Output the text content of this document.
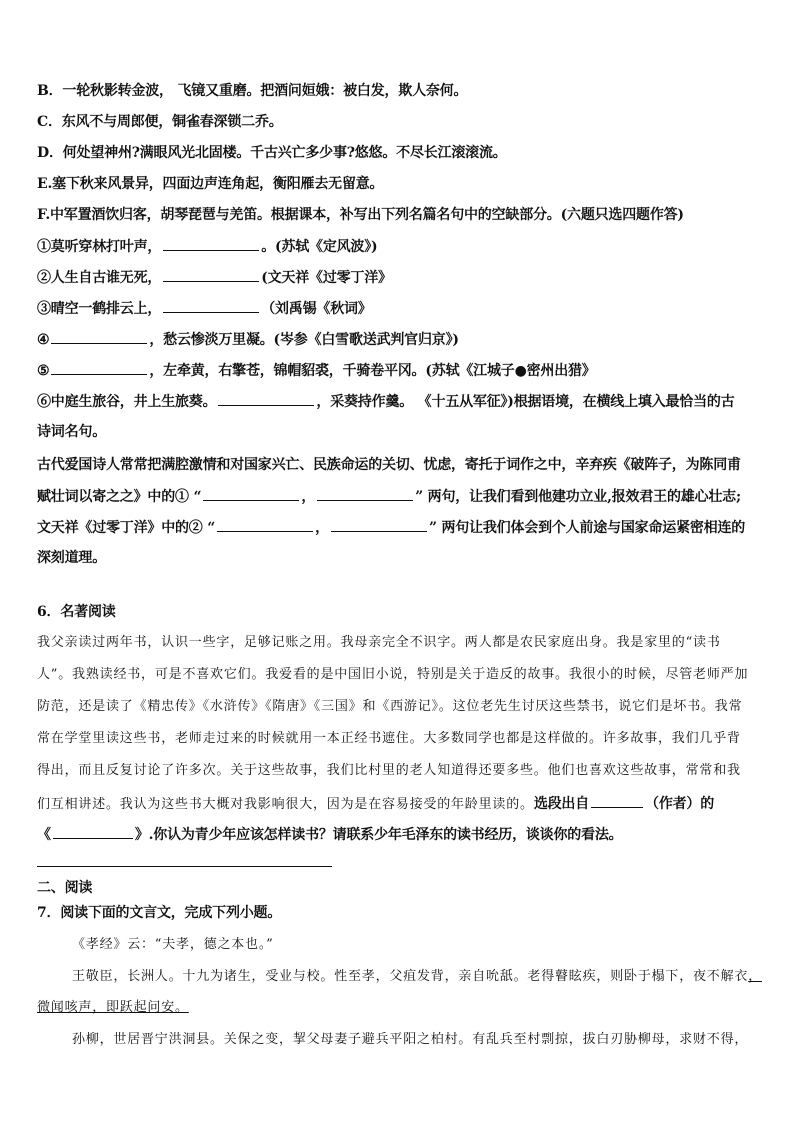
B．一轮秋影转金波， 飞镜又重磨。把酒问姮娥：被白发，欺人奈何。
C．东风不与周郎便，铜雀春深锁二乔。
D．何处望神州?满眼风光北固楼。千古兴亡多少事?悠悠。不尽长江滚滚流。
E.塞下秋来风景异，四面边声连角起，衡阳雁去无留意。
F.中军置酒饮归客，胡琴琵琶与羌笛。根据课本，补写出下列名篇名句中的空缺部分。(六题只选四题作答)
①莫听穿林打叶声，	。(苏轼《定风波》)
②人生自古谁无死，	(文天祥《过零丁洋》
③晴空一鹤排云上，	（刘禹锡《秋词》
④	，愁云惨淡万里凝。(岑参《白雪歌送武判官归京》)
⑤	，左牵黄，右擎苍，锦帽貂裘，千骑卷平冈。(苏轼《江城子●密州出猎》
⑥中庭生旅谷，井上生旅葵。	，采葵持作羹。 《十五从军征》)根据语境，在横线上填入最恰当的古
诗词名句。
古代爱国诗人常常把满腔激情和对国家兴亡、民族命运的关切、忧虑，寄托于词作之中，辛弃疾《破阵子，为陈同甫
赋壮词以寄之之》中的① “	，	” 两句，让我们看到他建功立业,报效君王的雄心壮志;
文天祥《过零丁洋》中的② “	，	” 两句让我们体会到个人前途与国家命运紧密相连的
深刻道理。
6．名著阅读
我父亲读过两年书，认识一些字，足够记账之用。我母亲完全不识字。两人都是农民家庭出身。我是家里的“读书
人”。我熟读经书，可是不喜欢它们。我爱看的是中国旧小说，特别是关于造反的故事。我很小的时候，尽管老师严加
防范，还是读了《精忠传》《水浒传》《隋唐》《三国》和《西游记》。这位老先生讨厌这些禁书，说它们是坏书。我常
常在学堂里读这些书，老师走过来的时候就用一本正经书遮住。大多数同学也都是这样做的。许多故事，我们几乎背
得出，而且反复讨论了许多次。关于这些故事，我们比村里的老人知道得还要多些。他们也喜欢这些故事，常常和我
们互相讲述。我认为这些书大概对我影响很大，因为是在容易接受的年龄里读的。选段出自	（作者）的
《	》.你认为青少年应该怎样读书？请联系少年毛泽东的读书经历，谈谈你的看法。
二、阅读
7．阅读下面的文言文，完成下列小题。
《孝经》云：“夫孝，德之本也。”
王敬臣，长洲人。十九为诸生，受业与校。性至孝，父疽发背，亲自吮舐。老得瞽眩疾，则卧于榻下，夜不解衣，
微闻咳声，即跃起问安。
孙柳，世居晋宁洪洞县。关保之变，挈父母妻子避兵平阳之柏村。有乱兵至村剽掠，拔白刃胁柳母，求财不得，
